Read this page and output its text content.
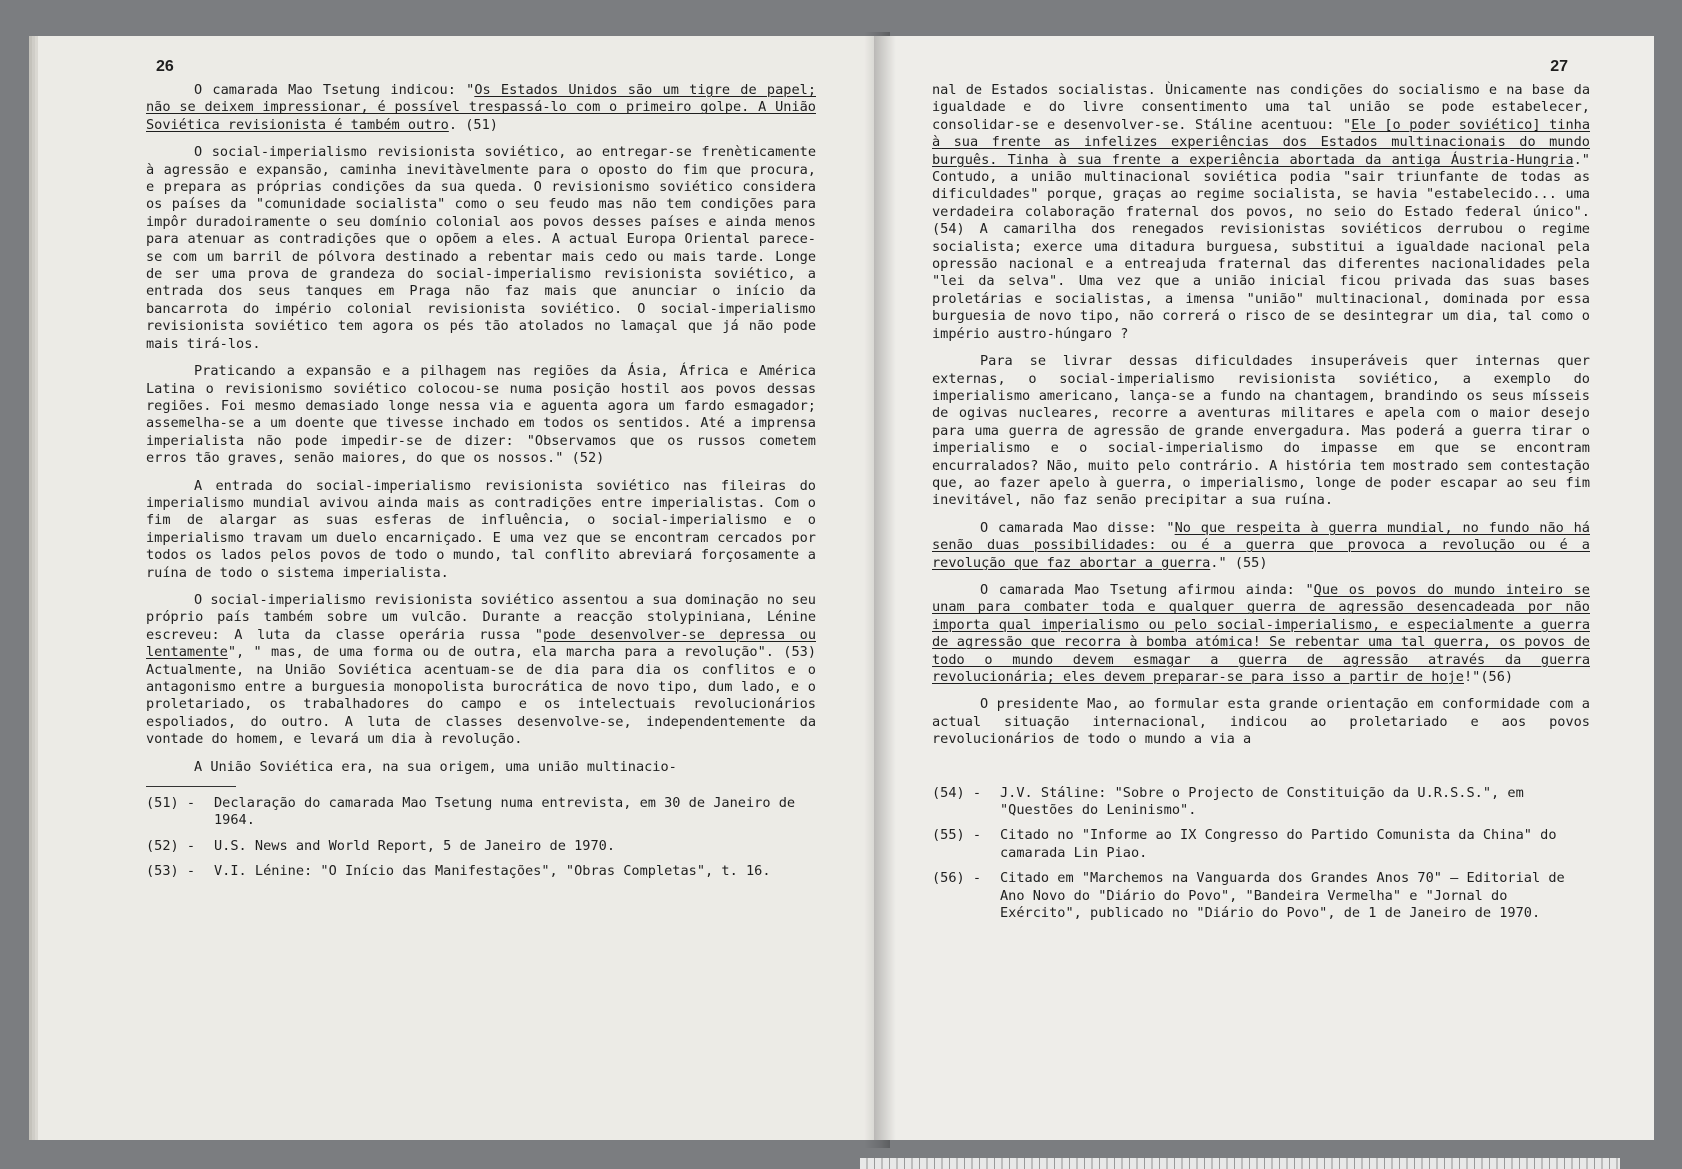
26

O camarada Mao Tsetung indicou: "Os Estados Unidos são um tigre de papel; não se deixem impressionar, é possível trespassá-lo com o primeiro golpe. A União Soviética revisionista é também outro. (51)

O social-imperialismo revisionista soviético, ao entregar-se frenèticamente à agressão e expansão, caminha inevitàvelmente para o oposto do fim que procura, e prepara as próprias condições da sua queda. O revisionismo soviético considera os países da "comunidade socialista" como o seu feudo mas não tem condições para impôr duradoiramente o seu domínio colonial aos povos desses países e ainda menos para atenuar as contradições que o opõem a eles. A actual Europa Oriental parece-se com um barril de pólvora destinado a rebentar mais cedo ou mais tarde. Longe de ser uma prova de grandeza do social-imperialismo revisionista soviético, a entrada dos seus tanques em Praga não faz mais que anunciar o início da bancarrota do império colonial revisionista soviético. O social-imperialismo revisionista soviético tem agora os pés tão atolados no lamaçal que já não pode mais tirá-los.

Praticando a expansão e a pilhagem nas regiões da Ásia, África e América Latina o revisionismo soviético colocou-se numa posição hostil aos povos dessas regiões. Foi mesmo demasiado longe nessa via e aguenta agora um fardo esmagador; assemelha-se a um doente que tivesse inchado em todos os sentidos. Até a imprensa imperialista não pode impedir-se de dizer: "Observamos que os russos cometem erros tão graves, senão maiores, do que os nossos." (52)

A entrada do social-imperialismo revisionista soviético nas fileiras do imperialismo mundial avivou ainda mais as contradições entre imperialistas. Com o fim de alargar as suas esferas de influência, o social-imperialismo e o imperialismo travam um duelo encarniçado. E uma vez que se encontram cercados por todos os lados pelos povos de todo o mundo, tal conflito abreviará forçosamente a ruína de todo o sistema imperialista.

O social-imperialismo revisionista soviético assentou a sua dominação no seu próprio país também sobre um vulcão. Durante a reacção stolypiniana, Lénine escreveu: A luta da classe operária russa "pode desenvolver-se depressa ou lentamente", " mas, de uma forma ou de outra, ela marcha para a revolução". (53) Actualmente, na União Soviética acentuam-se de dia para dia os conflitos e o antagonismo entre a burguesia monopolista burocrática de novo tipo, dum lado, e o proletariado, os trabalhadores do campo e os intelectuais revolucionários espoliados, do outro. A luta de classes desenvolve-se, independentemente da vontade do homem, e levará um dia à revolução.

A União Soviética era, na sua origem, uma união multinacio-

(51) -	Declaração do camarada Mao Tsetung numa entrevista, em 30 de Janeiro de 1964.
(52) -	U.S. News and World Report, 5 de Janeiro de 1970.
(53) -	V.I. Lénine: "O Início das Manifestações", "Obras Completas", t. 16.
27

nal de Estados socialistas. Ùnicamente nas condições do socialismo e na base da igualdade e do livre consentimento uma tal união se pode estabelecer, consolidar-se e desenvolver-se. Stáline acentuou: "Ele [o poder soviético] tinha à sua frente as infelizes experiências dos Estados multinacionais do mundo burguês. Tinha à sua frente a experiência abortada da antiga Áustria-Hungria." Contudo, a união multinacional soviética podia "sair triunfante de todas as dificuldades" porque, graças ao regime socialista, se havia "estabelecido... uma verdadeira colaboração fraternal dos povos, no seio do Estado federal único". (54) A camarilha dos renegados revisionistas soviéticos derrubou o regime socialista; exerce uma ditadura burguesa, substitui a igualdade nacional pela opressão nacional e a entreajuda fraternal das diferentes nacionalidades pela "lei da selva". Uma vez que a união inicial ficou privada das suas bases proletárias e socialistas, a imensa "união" multinacional, dominada por essa burguesia de novo tipo, não correrá o risco de se desintegrar um dia, tal como o império austro-húngaro ?

Para se livrar dessas dificuldades insuperáveis quer internas quer externas, o social-imperialismo revisionista soviético, a exemplo do imperialismo americano, lança-se a fundo na chantagem, brandindo os seus mísseis de ogivas nucleares, recorre a aventuras militares e apela com o maior desejo para uma guerra de agressão de grande envergadura. Mas poderá a guerra tirar o imperialismo e o social-imperialismo do impasse em que se encontram encurralados? Não, muito pelo contrário. A história tem mostrado sem contestação que, ao fazer apelo à guerra, o imperialismo, longe de poder escapar ao seu fim inevitável, não faz senão precipitar a sua ruína.

O camarada Mao disse: "No que respeita à guerra mundial, no fundo não há senão duas possibilidades: ou é a guerra que provoca a revolução ou é a revolução que faz abortar a guerra." (55)

O camarada Mao Tsetung afirmou ainda: "Que os povos do mundo inteiro se unam para combater toda e qualquer guerra de agressão desencadeada por não importa qual imperialismo ou pelo social-imperialismo, e especialmente a guerra de agressão que recorra à bomba atómica! Se rebentar uma tal guerra, os povos de todo o mundo devem esmagar a guerra de agressão através da guerra revolucionária; eles devem preparar-se para isso a partir de hoje!"(56)

O presidente Mao, ao formular esta grande orientação em conformidade com a actual situação internacional, indicou ao proletariado e aos povos revolucionários de todo o mundo a via a

(54) -	J.V. Stáline: "Sobre o Projecto de Constituição da U.R.S.S.", em "Questões do Leninismo".
(55) -	Citado no "Informe ao IX Congresso do Partido Comunista da China" do camarada Lin Piao.
(56) -	Citado em "Marchemos na Vanguarda dos Grandes Anos 70" — Editorial de Ano Novo do "Diário do Povo", "Bandeira Vermelha" e "Jornal do Exército", publicado no "Diário do Povo", de 1 de Janeiro de 1970.
